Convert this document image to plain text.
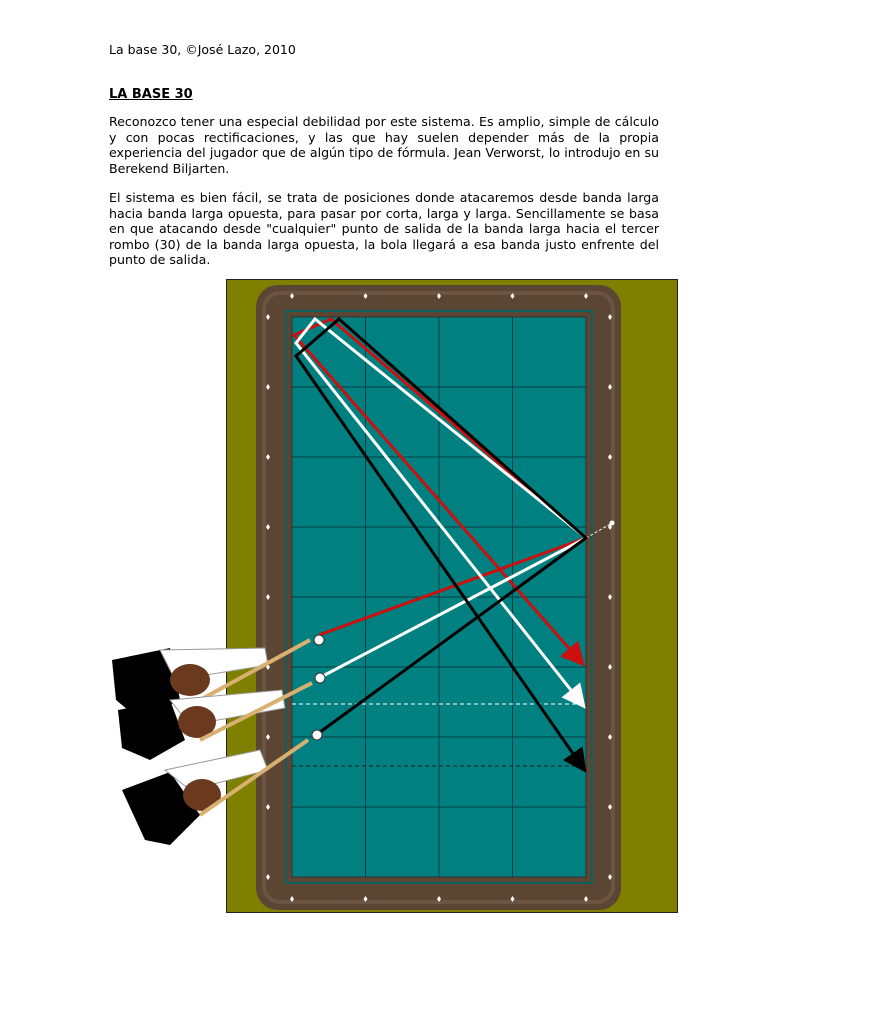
La base 30, ©José Lazo, 2010
LA BASE 30

Reconozco tener una especial debilidad por este sistema. Es amplio, simple de cálculo y con pocas rectificaciones, y las que hay suelen depender más de la propia experiencia del jugador que de algún tipo de fórmula. Jean Verworst, lo introdujo en su Berekend Biljarten.

El sistema es bien fácil, se trata de posiciones donde atacaremos desde banda larga hacia banda larga opuesta, para pasar por corta, larga y larga. Sencillamente se basa en que atacando desde "cualquier" punto de salida de la banda larga hacia el tercer rombo (30) de la banda larga opuesta, la bola llegará a esa banda justo enfrente del punto de salida.

30
